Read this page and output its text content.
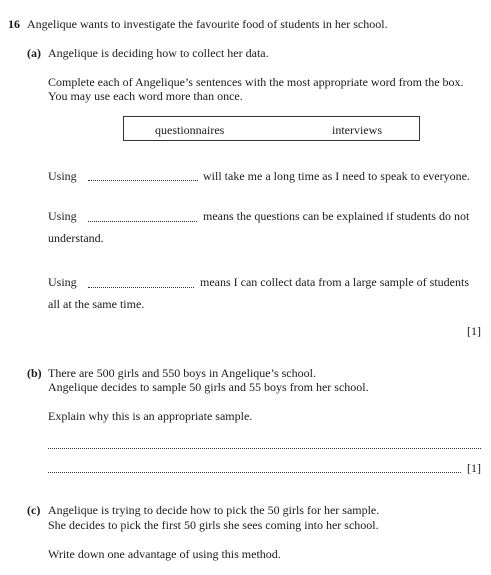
16 Angelique wants to investigate the favourite food of students in her school.
(a) Angelique is deciding how to collect her data.
Complete each of Angelique’s sentences with the most appropriate word from the box.
You may use each word more than once.
questionnaires	interviews
Using	will take me a long time as I need to speak to everyone.
Using	means the questions can be explained if students do not
understand.
Using	means I can collect data from a large sample of students
all at the same time.
[1]
(b) There are 500 girls and 550 boys in Angelique’s school.
Angelique decides to sample 50 girls and 55 boys from her school.
Explain why this is an appropriate sample.
[1]
(c) Angelique is trying to decide how to pick the 50 girls for her sample.
She decides to pick the first 50 girls she sees coming into her school.
Write down one advantage of using this method.
